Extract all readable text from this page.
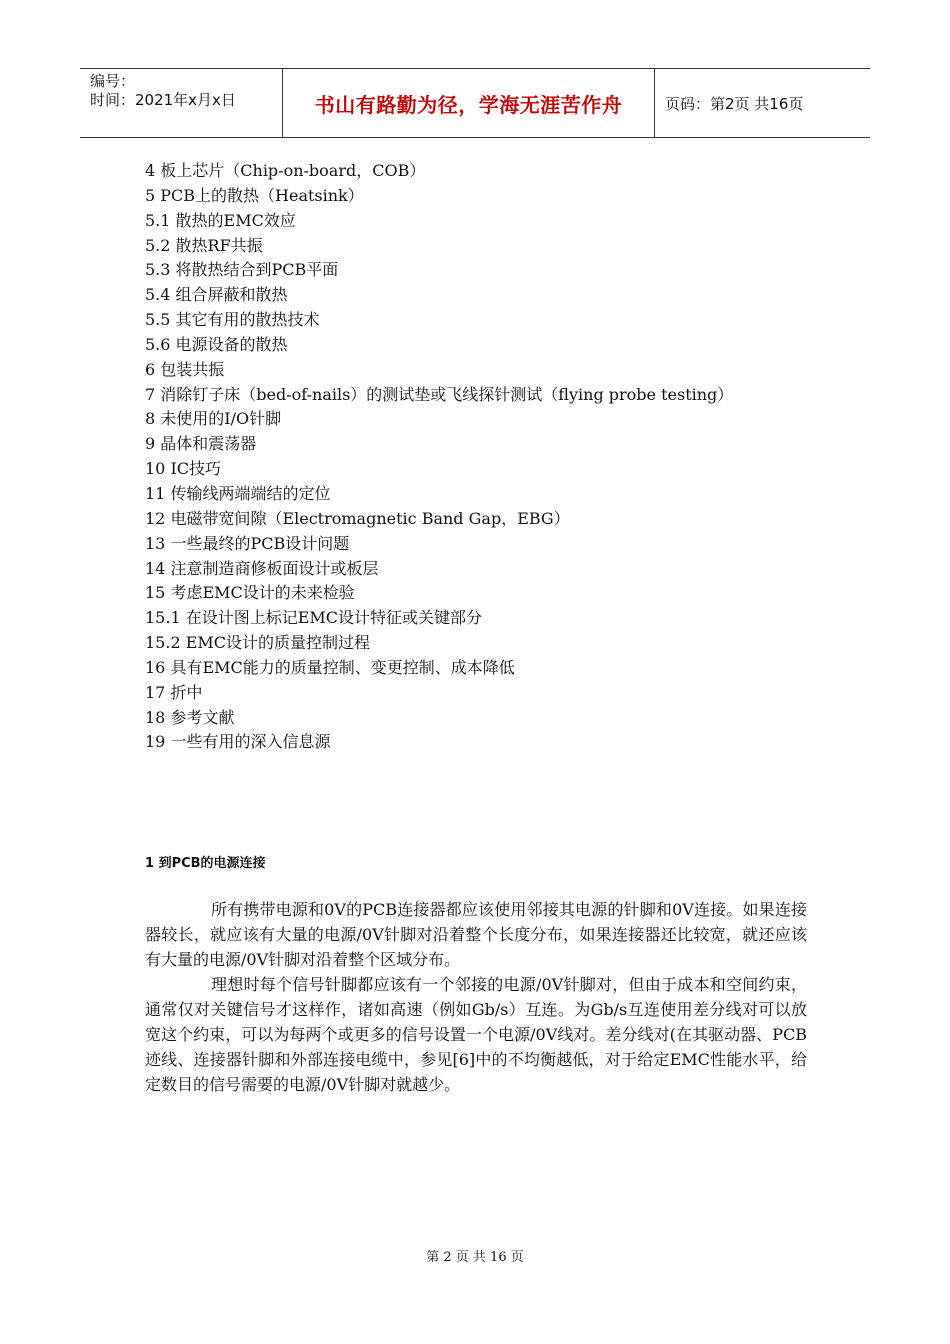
编号：
时间：2021年x月x日	书山有路勤为径，学海无涯苦作舟	页码：第2页 共16页
4 板上芯片（Chip-on-board，COB）
5 PCB上的散热（Heatsink）
5.1 散热的EMC效应
5.2 散热RF共振
5.3 将散热结合到PCB平面
5.4 组合屏蔽和散热
5.5 其它有用的散热技术
5.6 电源设备的散热
6 包装共振
7 消除钉子床（bed-of-nails）的测试垫或飞线探针测试（flying probe testing）
8 未使用的I/O针脚
9 晶体和震荡器
10 IC技巧
11 传输线两端端结的定位
12 电磁带宽间隙（Electromagnetic Band Gap，EBG）
13 一些最终的PCB设计问题
14 注意制造商修板面设计或板层
15 考虑EMC设计的未来检验
15.1 在设计图上标记EMC设计特征或关键部分
15.2 EMC设计的质量控制过程
16 具有EMC能力的质量控制、变更控制、成本降低
17 折中
18 参考文献
19 一些有用的深入信息源
1 到PCB的电源连接

所有携带电源和0V的PCB连接器都应该使用邻接其电源的针脚和0V连接。如果连接器较长，就应该有大量的电源/0V针脚对沿着整个长度分布，如果连接器还比较宽，就还应该有大量的电源/0V针脚对沿着整个区域分布。

理想时每个信号针脚都应该有一个邻接的电源/0V针脚对，但由于成本和空间约束，通常仅对关键信号才这样作，诸如高速（例如Gb/s）互连。为Gb/s互连使用差分线对可以放宽这个约束，可以为每两个或更多的信号设置一个电源/0V线对。差分线对(在其驱动器、PCB迹线、连接器针脚和外部连接电缆中，参见[6]中的不均衡越低，对于给定EMC性能水平，给定数目的信号需要的电源/0V针脚对就越少。

第 2 页 共 16 页
